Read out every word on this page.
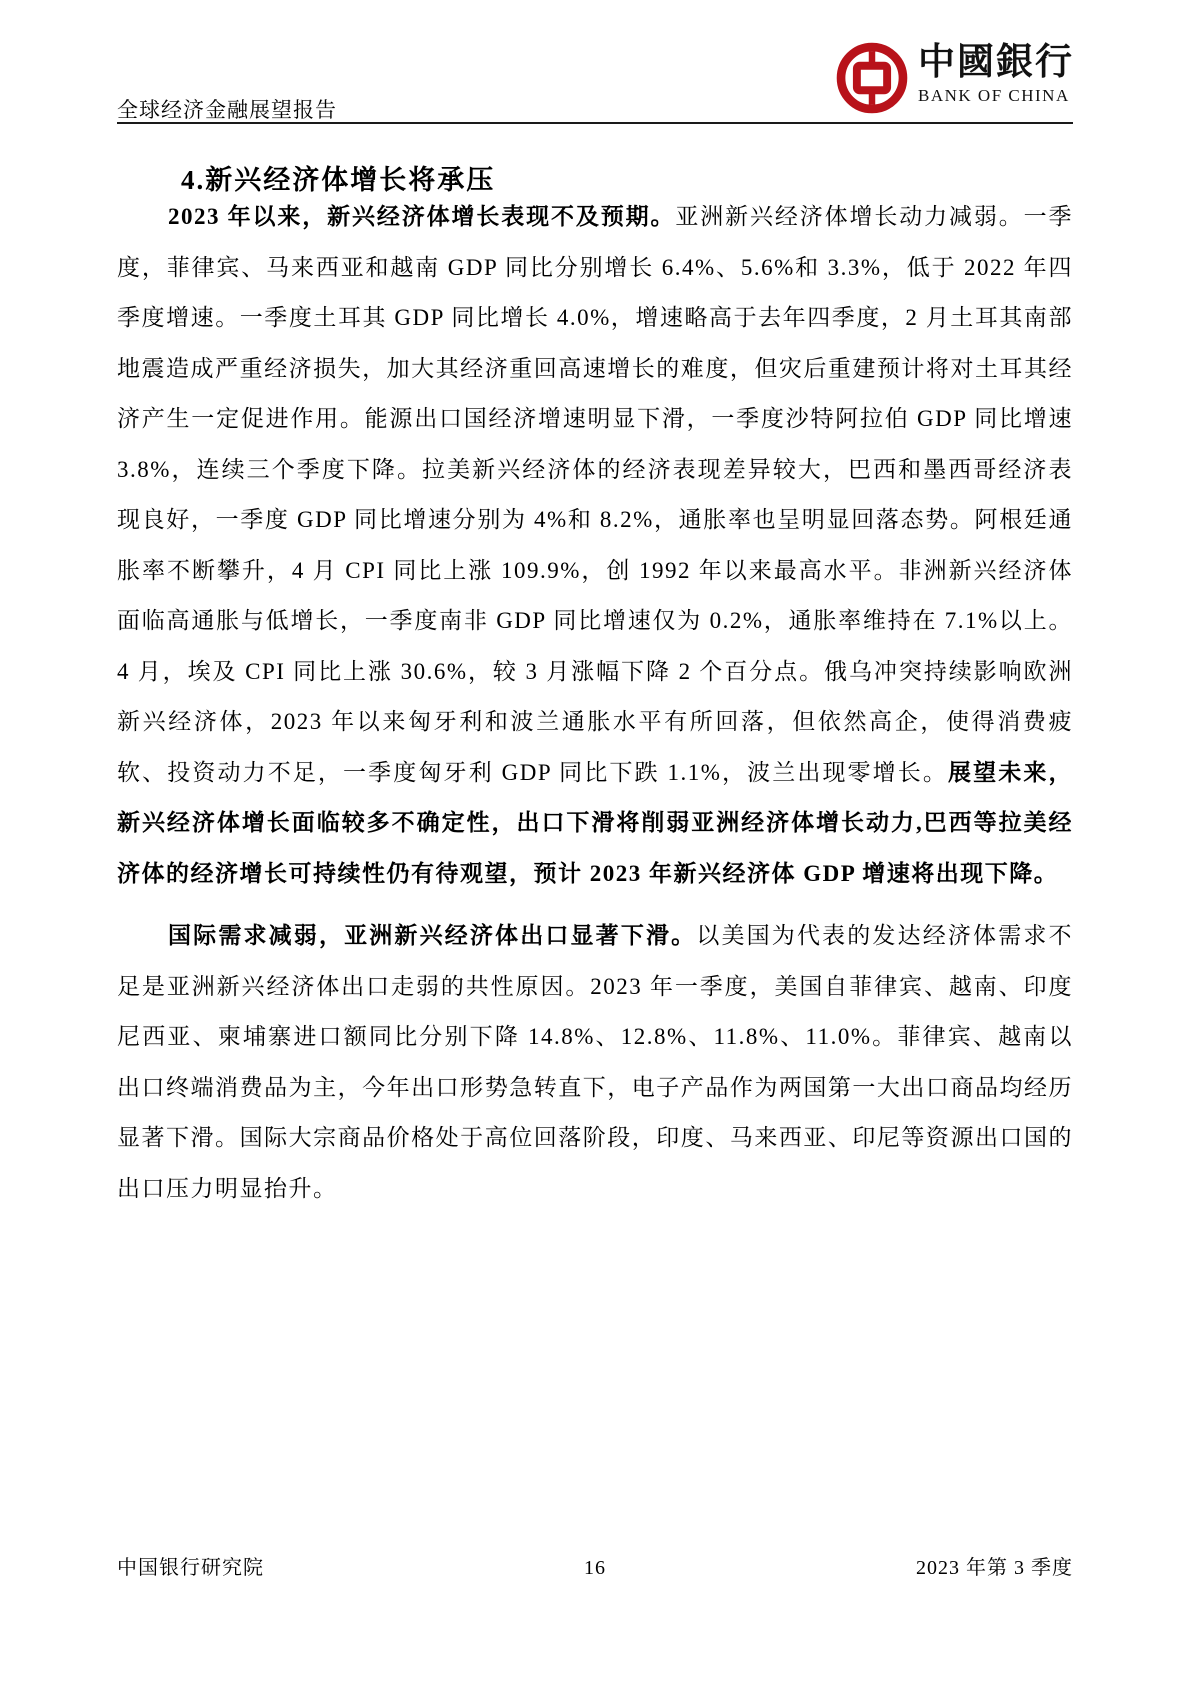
全球经济金融展望报告
中國銀行
BANK OF CHINA
4.新兴经济体增长将承压

2023 年以来，新兴经济体增长表现不及预期。亚洲新兴经济体增长动力减弱。一季度，菲律宾、马来西亚和越南 GDP 同比分别增长 6.4%、5.6%和 3.3%，低于 2022 年四季度增速。一季度土耳其 GDP 同比增长 4.0%，增速略高于去年四季度，2 月土耳其南部地震造成严重经济损失，加大其经济重回高速增长的难度，但灾后重建预计将对土耳其经济产生一定促进作用。能源出口国经济增速明显下滑，一季度沙特阿拉伯 GDP 同比增速 3.8%，连续三个季度下降。拉美新兴经济体的经济表现差异较大，巴西和墨西哥经济表现良好，一季度 GDP 同比增速分别为 4%和 8.2%，通胀率也呈明显回落态势。阿根廷通胀率不断攀升，4 月 CPI 同比上涨 109.9%，创 1992 年以来最高水平。非洲新兴经济体面临高通胀与低增长，一季度南非 GDP 同比增速仅为 0.2%，通胀率维持在 7.1%以上。4 月，埃及 CPI 同比上涨 30.6%，较 3 月涨幅下降 2 个百分点。俄乌冲突持续影响欧洲新兴经济体，2023 年以来匈牙利和波兰通胀水平有所回落，但依然高企，使得消费疲软、投资动力不足，一季度匈牙利 GDP 同比下跌 1.1%，波兰出现零增长。展望未来，新兴经济体增长面临较多不确定性，出口下滑将削弱亚洲经济体增长动力,巴西等拉美经济体的经济增长可持续性仍有待观望，预计 2023 年新兴经济体 GDP 增速将出现下降。

国际需求减弱，亚洲新兴经济体出口显著下滑。以美国为代表的发达经济体需求不足是亚洲新兴经济体出口走弱的共性原因。2023 年一季度，美国自菲律宾、越南、印度尼西亚、柬埔寨进口额同比分别下降 14.8%、12.8%、11.8%、11.0%。菲律宾、越南以出口终端消费品为主，今年出口形势急转直下，电子产品作为两国第一大出口商品均经历显著下滑。国际大宗商品价格处于高位回落阶段，印度、马来西亚、印尼等资源出口国的出口压力明显抬升。

中国银行研究院	16	2023 年第 3 季度
